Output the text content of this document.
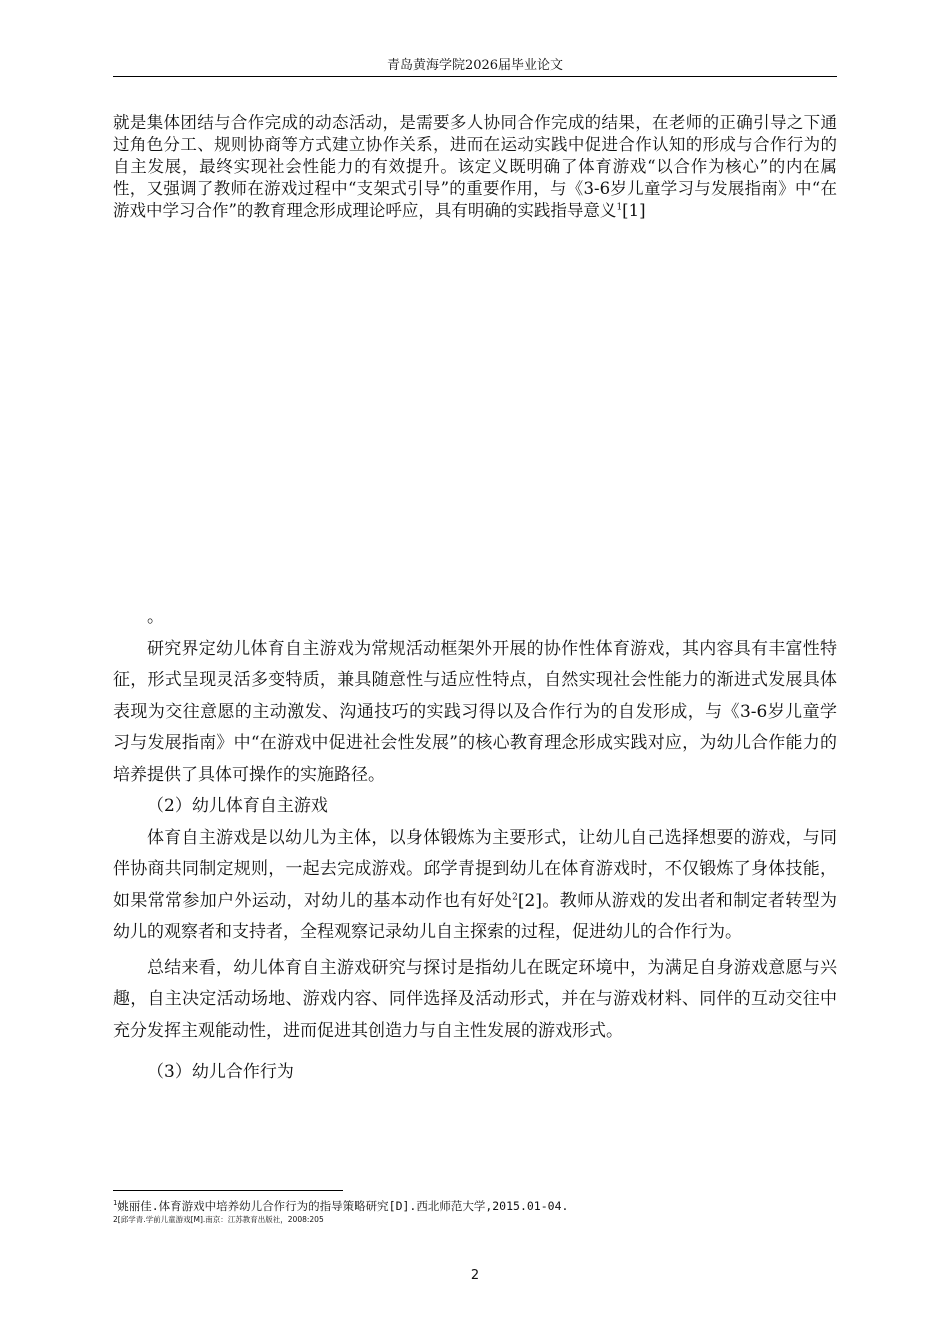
青岛黄海学院2026届毕业论文

就是集体团结与合作完成的动态活动，是需要多人协同合作完成的结果，在老师的正确引导之下通过角色分工、规则协商等方式建立协作关系，进而在运动实践中促进合作认知的形成与合作行为的自主发展，最终实现社会性能力的有效提升。该定义既明确了体育游戏“以合作为核心”的内在属性，又强调了教师在游戏过程中“支架式引导”的重要作用，与《3-6岁儿童学习与发展指南》中“在游戏中学习合作”的教育理念形成理论呼应，具有明确的实践指导意义$^1$[1]

。

研究界定幼儿体育自主游戏为常规活动框架外开展的协作性体育游戏，其内容具有丰富性特征，形式呈现灵活多变特质，兼具随意性与适应性特点，自然实现社会性能力的渐进式发展具体表现为交往意愿的主动激发、沟通技巧的实践习得以及合作行为的自发形成，与《3-6岁儿童学习与发展指南》中“在游戏中促进社会性发展”的核心教育理念形成实践对应，为幼儿合作能力的培养提供了具体可操作的实施路径。

（2）幼儿体育自主游戏

体育自主游戏是以幼儿为主体，以身体锻炼为主要形式，让幼儿自己选择想要的游戏，与同伴协商共同制定规则，一起去完成游戏。邱学青提到幼儿在体育游戏时，不仅锻炼了身体技能，如果常常参加户外运动，对幼儿的基本动作也有好处$^2$[2]。教师从游戏的发出者和制定者转型为幼儿的观察者和支持者，全程观察记录幼儿自主探索的过程，促进幼儿的合作行为。

总结来看，幼儿体育自主游戏研究与探讨是指幼儿在既定环境中，为满足自身游戏意愿与兴趣，自主决定活动场地、游戏内容、同伴选择及活动形式，并在与游戏材料、同伴的互动交往中充分发挥主观能动性，进而促进其创造力与自主性发展的游戏形式。

（3）幼儿合作行为

$^1$姚丽佳.体育游戏中培养幼儿合作行为的指导策略研究[D].西北师范大学,2015.01-04.
2[邱学青.学前儿童游戏[M].南京：江苏教育出版社，2008:205
2
